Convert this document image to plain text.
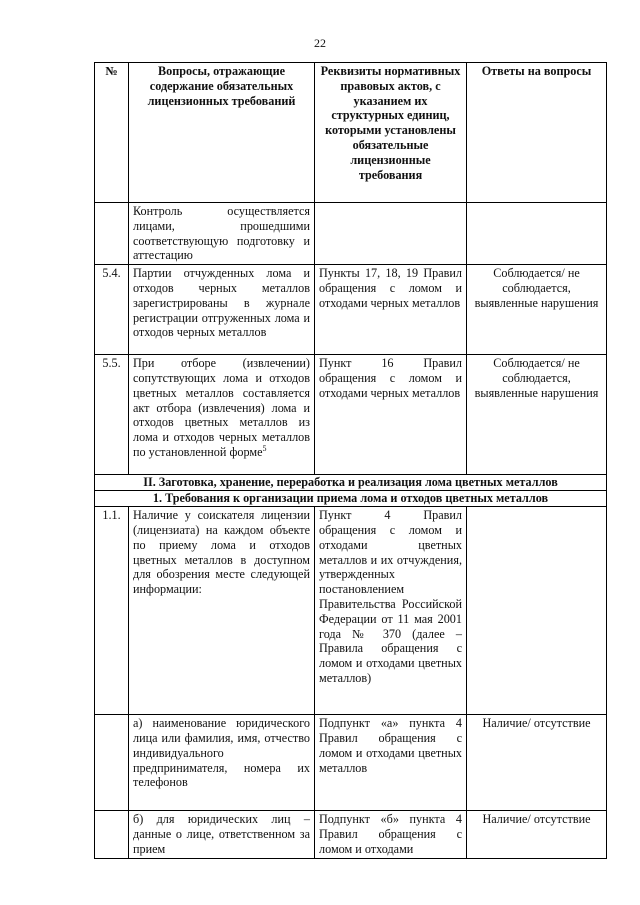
22
№	Вопросы, отражающие содержание обязательных лицензионных требований	Реквизиты нормативных правовых актов, с указанием их структурных единиц, которыми установлены обязательные лицензионные требования	Ответы на вопросы
	Контроль осуществляется лицами, прошедшими соответствующую подготовку и аттестацию		
5.4.	Партии отчужденных лома и отходов черных металлов зарегистрированы в журнале регистрации отгруженных лома и отходов черных металлов	Пункты 17, 18, 19 Правил обращения с ломом и отходами черных металлов	Соблюдается/ не соблюдается, выявленные нарушения
5.5.	При отборе (извлечении) сопутствующих лома и отходов цветных металлов составляется акт отбора (извлечения) лома и отходов цветных металлов из лома и отходов черных металлов по установленной форме$^5$	Пункт 16 Правил обращения с ломом и отходами черных металлов	Соблюдается/ не соблюдается, выявленные нарушения
II. Заготовка, хранение, переработка и реализация лома цветных металлов			
1. Требования к организации приема лома и отходов цветных металлов			
1.1.	Наличие у соискателя лицензии (лицензиата) на каждом объекте по приему лома и отходов цветных металлов в доступном для обозрения месте следующей информации:	Пункт 4 Правил обращения с ломом и отходами цветных металлов и их отчуждения, утвержденных постановлением Правительства Российской Федерации от 11 мая 2001 года № 370 (далее – Правила обращения с ломом и отходами цветных металлов)	
	а) наименование юридического лица или фамилия, имя, отчество индивидуального предпринимателя, номера их телефонов	Подпункт «а» пункта 4 Правил обращения с ломом и отходами цветных металлов	Наличие/ отсутствие
	б) для юридических лиц – данные о лице, ответственном за прием	Подпункт «б» пункта 4 Правил обращения с ломом и отходами	Наличие/ отсутствие
